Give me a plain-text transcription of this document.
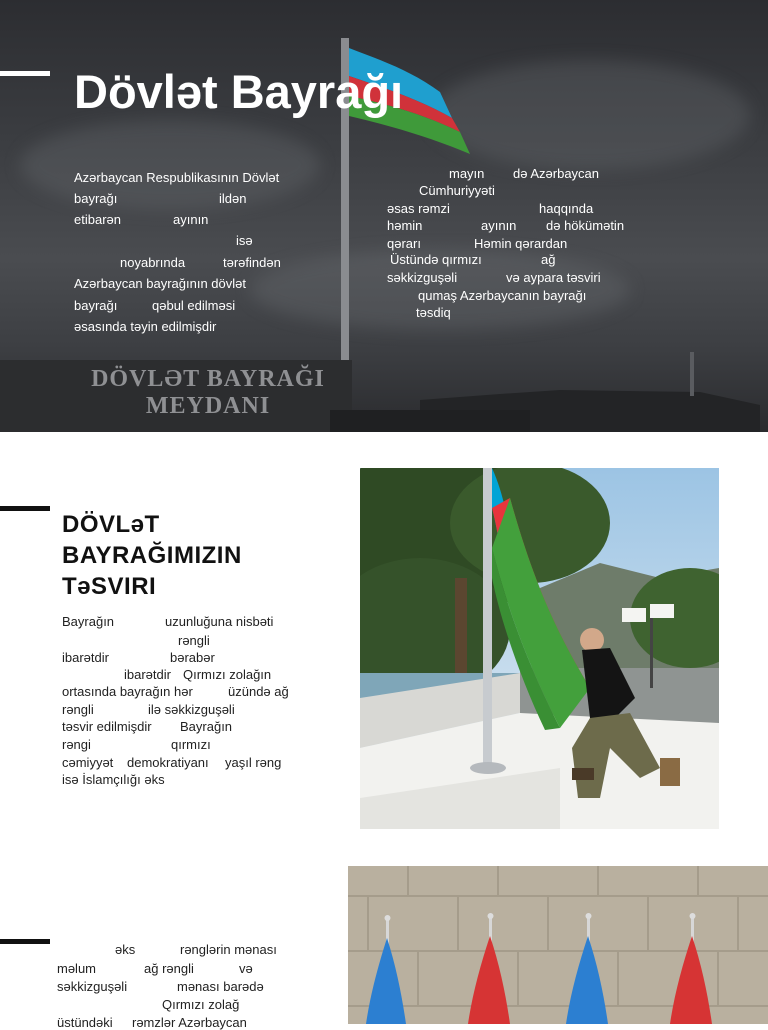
Dövlət Bayrağı
Azərbaycan Respublikasının Dövlət
bayrağı	ildən
etibarən	ayının
isə
noyabrında	tərəfindən
Azərbaycan bayrağının dövlət
bayrağı	qəbul edilməsi
əsasında təyin edilmişdir
mayın də Azərbaycan
Cümhuriyyəti
əsas rəmzi	haqqında
həmin	ayının də hökümətin
qərarı	Həmin qərardan
Üstündə qırmızı	ağ
səkkizguşəli	və aypara təsviri
qumaş Azərbaycanın bayrağı
təsdiq
DÖVLƏT BAYRAĞI
MEYDANI
DÖVLəT
BAYRAĞIMIZIN
TəSVIRI
Bayrağın	uzunluğuna nisbəti
rəngli
ibarətdir	bərabər
ibarətdir Qırmızı zolağın
ortasında bayrağın hər	üzündə ağ
rəngli	ilə səkkizguşəli
təsvir edilmişdir Bayrağın
rəngi	qırmızı
cəmiyyət demokratiyanı yaşıl rəng
isə İslamçılığı əks
əks	rənglərin mənası
məlum	ağ rəngli	və
səkkizguşəli	mənası barədə
Qırmızı zolağ
üstündəki rəmzlər Azərbaycan
